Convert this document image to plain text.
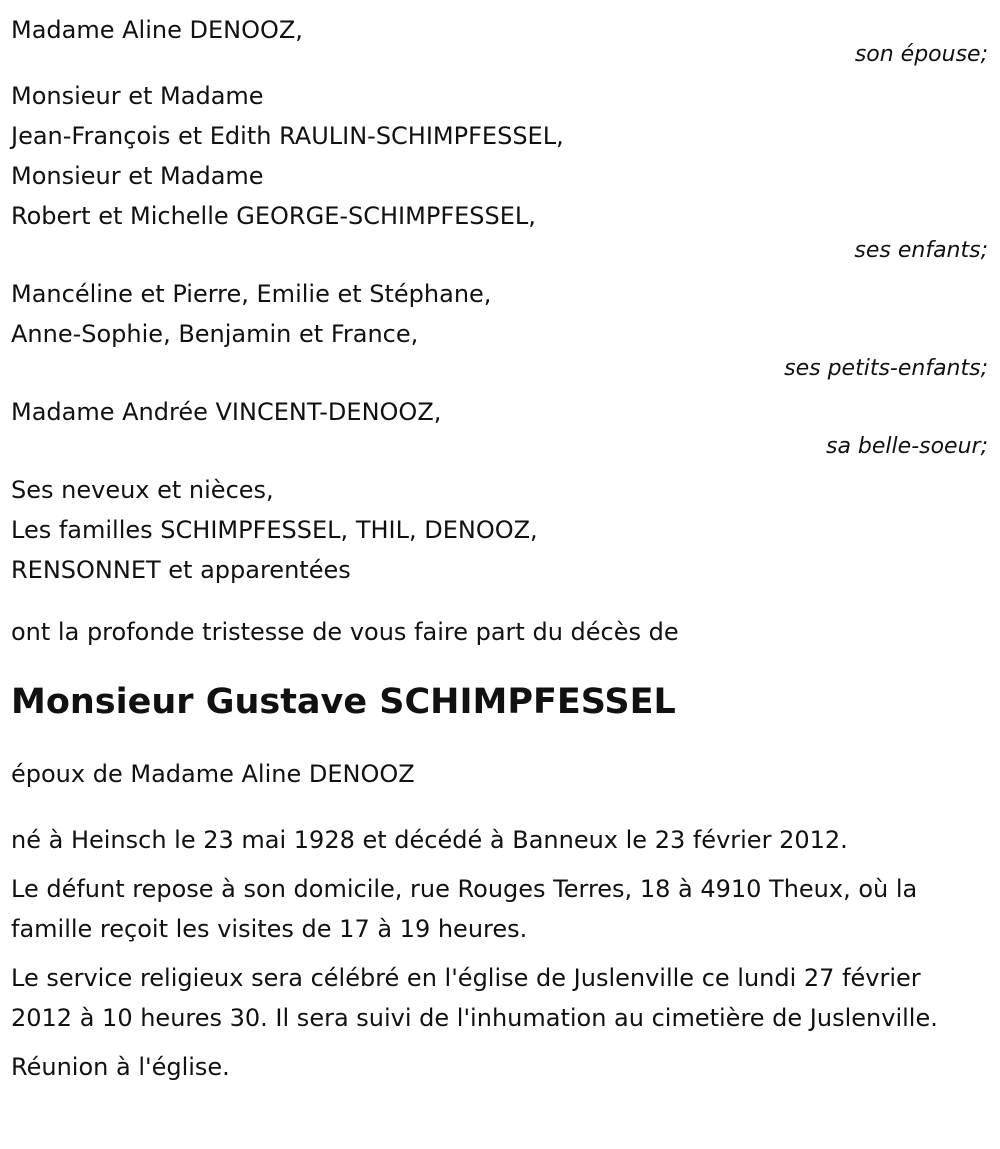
Madame Aline DENOOZ,
son épouse;
Monsieur et Madame
Jean-François et Edith RAULIN-SCHIMPFESSEL,
Monsieur et Madame
Robert et Michelle GEORGE-SCHIMPFESSEL,
ses enfants;
Mancéline et Pierre, Emilie et Stéphane,
Anne-Sophie, Benjamin et France,
ses petits-enfants;
Madame Andrée VINCENT-DENOOZ,
sa belle-soeur;
Ses neveux et nièces,
Les familles SCHIMPFESSEL, THIL, DENOOZ,
RENSONNET et apparentées
ont la profonde tristesse de vous faire part du décès de
Monsieur Gustave SCHIMPFESSEL
époux de Madame Aline DENOOZ
né à Heinsch le 23 mai 1928 et décédé à Banneux le 23 février 2012.
Le défunt repose à son domicile, rue Rouges Terres, 18 à 4910 Theux, où la famille reçoit les visites de 17 à 19 heures.
Le service religieux sera célébré en l'église de Juslenville ce lundi 27 février 2012 à 10 heures 30. Il sera suivi de l'inhumation au cimetière de Juslenville.
Réunion à l'église.
